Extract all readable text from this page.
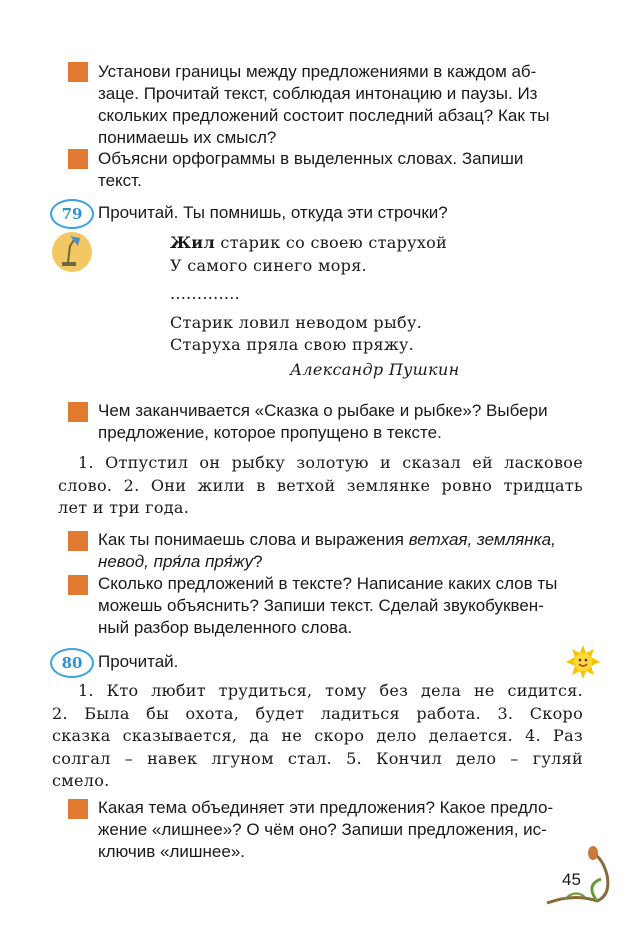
Установи границы между предложениями в каждом аб-
заце. Прочитай текст, соблюдая интонацию и паузы. Из
скольких предложений состоит последний абзац? Как ты
понимаешь их смысл?
Объясни орфограммы в выделенных словах. Запиши
текст.
79 Прочитай. Ты помнишь, откуда эти строчки?
Жил старик со своею старухой
У самого синего моря.
.............
Старик ловил неводом рыбу.
Старуха пряла свою пряжу.
Александр Пушкин
Чем заканчивается «Сказка о рыбаке и рыбке»? Выбери
предложение, которое пропущено в тексте.
1. Отпустил он рыбку золотую и сказал ей ласковое
слово. 2. Они жили в ветхой землянке ровно тридцать
лет и три года.
Как ты понимаешь слова и выражения ветхая, землянка,
невод, пря́ла пря́жу?
Сколько предложений в тексте? Написание каких слов ты
можешь объяснить? Запиши текст. Сделай звукобуквен-
ный разбор выделенного слова.
80 Прочитай.
1. Кто любит трудиться, тому без дела не сидится.
2. Была бы охота, будет ладиться работа. 3. Скоро
сказка сказывается, да не скоро дело делается. 4. Раз
солгал – навек лгуном стал. 5. Кончил дело – гуляй
смело.
Какая тема объединяет эти предложения? Какое предло-
жение «лишнее»? О чём оно? Запиши предложения, ис-
ключив «лишнее».
45
